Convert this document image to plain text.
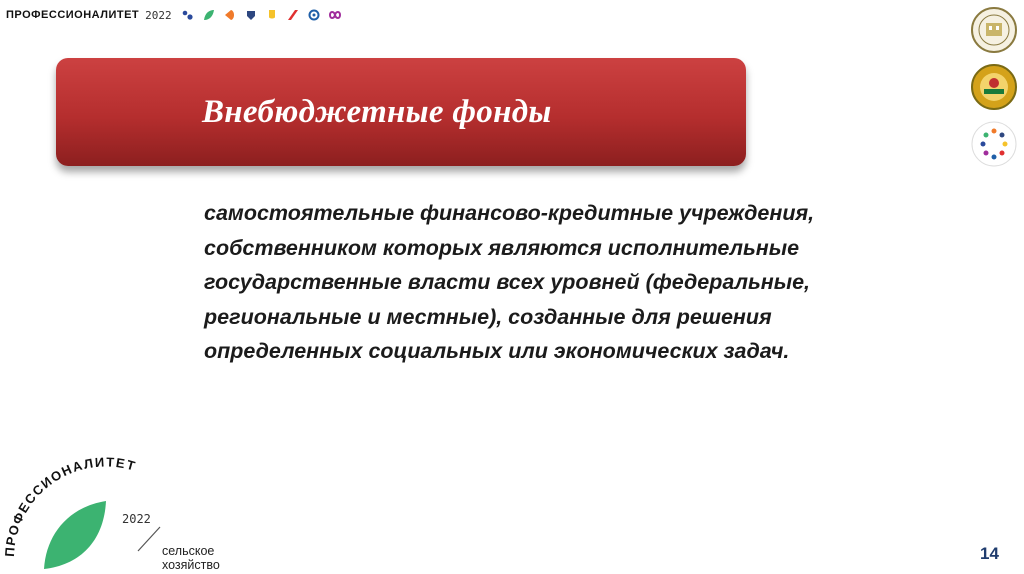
ПРОФЕССИОНАЛИТЕТ 2022

Внебюджетные фонды
самостоятельные финансово-кредитные учреждения,
собственником которых являются исполнительные
государственные власти всех уровней (федеральные,
региональные и местные), созданные для решения
определенных социальных или экономических задач.
ПРОФЕССИОНАЛИТЕТ
2022
сельское
хозяйство
14
